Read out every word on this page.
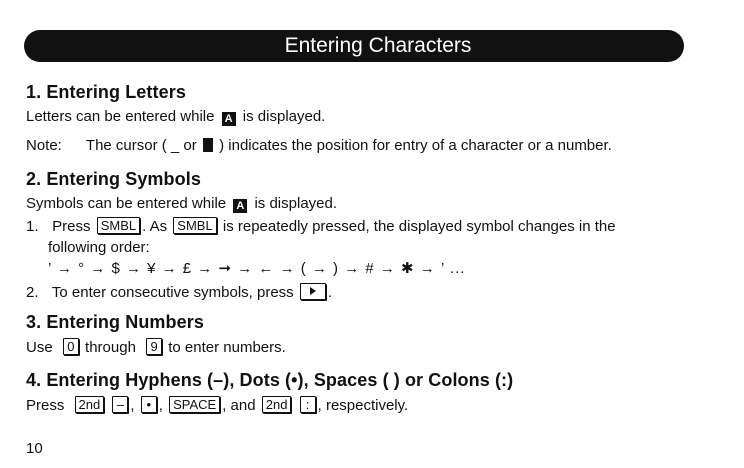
Entering Characters
1. Entering Letters
Letters can be entered while A is displayed.
Note: The cursor ( _ or ) indicates the position for entry of a character or a number.
2. Entering Symbols
Symbols can be entered while A is displayed.
1. Press SMBL . As SMBL is repeatedly pressed, the displayed symbol changes in the
following order:
’ → ° → $ → ¥ → £ → ➞ → ← → ( → ) → # → ✱ → ’ ...
2. To enter consecutive symbols, press .
3. Entering Numbers
Use 0 through 9 to enter numbers.
4. Entering Hyphens (–), Dots (•), Spaces ( ) or Colons (:)
Press 2nd – , • , SPACE , and 2nd : , respectively.
10
